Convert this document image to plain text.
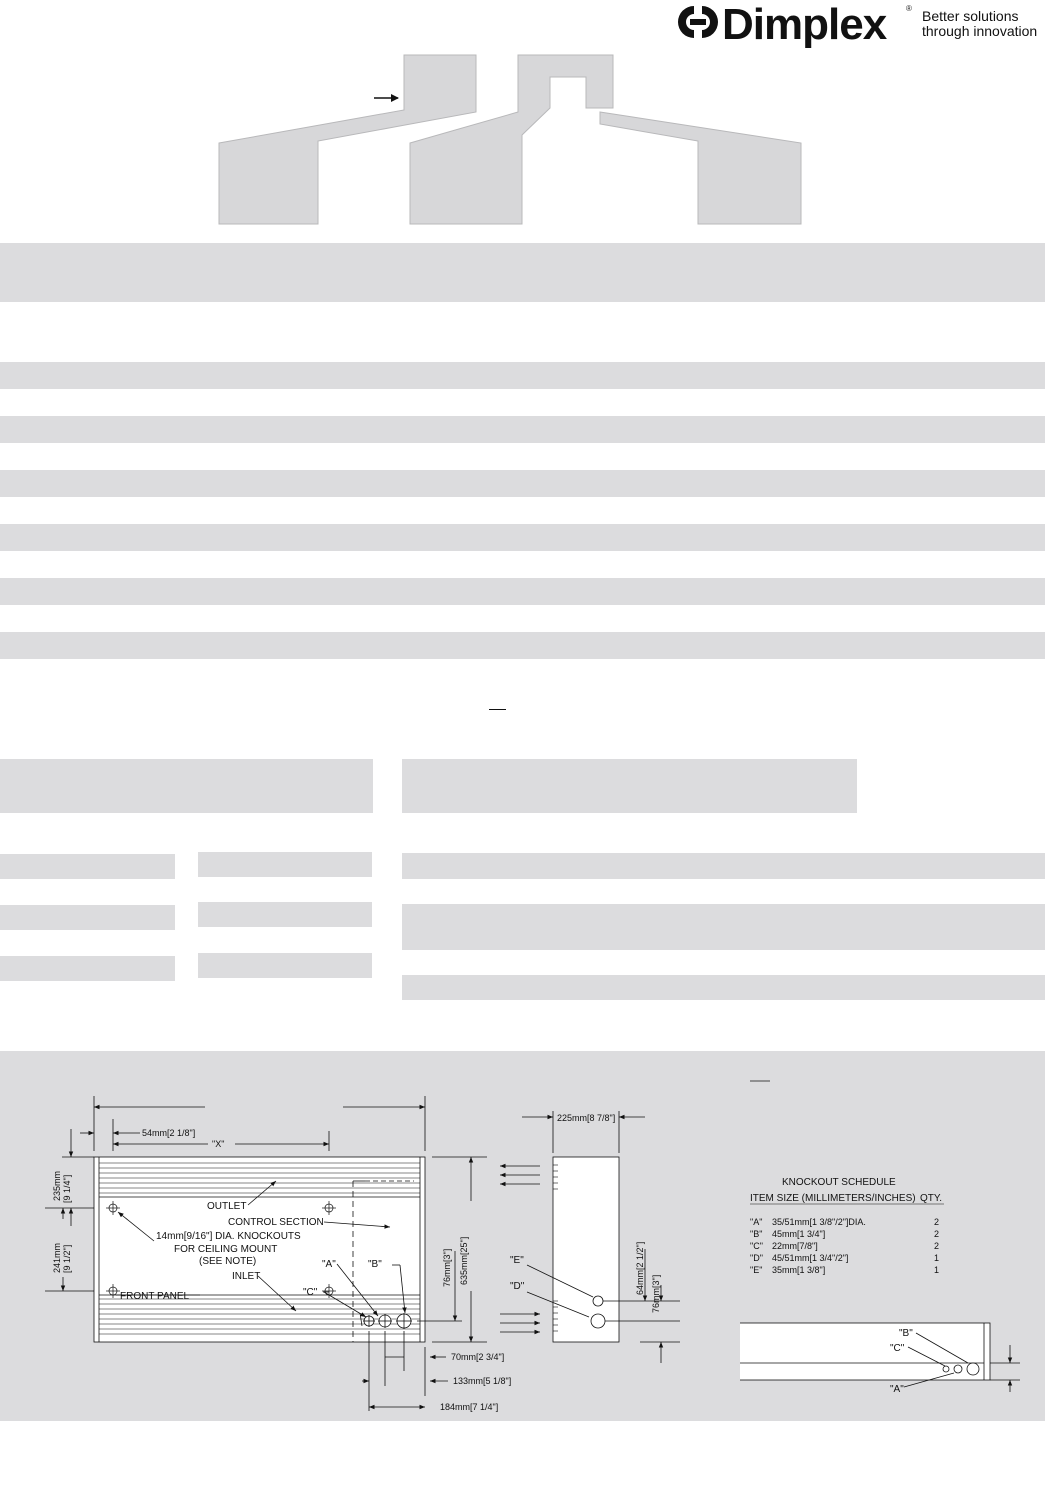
Dimplex ® Better solutions
through innovation
54mm[2 1/8"]
"X"
235mm [9 1/4"]
241mm [9 1/2"]	76mm[3"] 635mm[25"]
70mm[2 3/4"]
133mm[5 1/8"]
184mm[7 1/4"]
225mm[8 7/8"]
64mm[2 1/2"] 76mm[3"]
OUTLET
CONTROL SECTION
14mm[9/16"] DIA. KNOCKOUTS
FOR CEILING MOUNT
(SEE NOTE)
INLET
FRONT PANEL
"A"	"B"
"C"
"E"
"D"
KNOCKOUT SCHEDULE
ITEM SIZE (MILLIMETERS/INCHES) QTY.
"A" 35/51mm[1 3/8"/2"]DIA.	2
"B" 45mm[1 3/4"]	2
"C" 22mm[7/8"]	2
"D" 45/51mm[1 3/4"/2"]	1
"E" 35mm[1 3/8"]	1
"B"
"C"
"A"
